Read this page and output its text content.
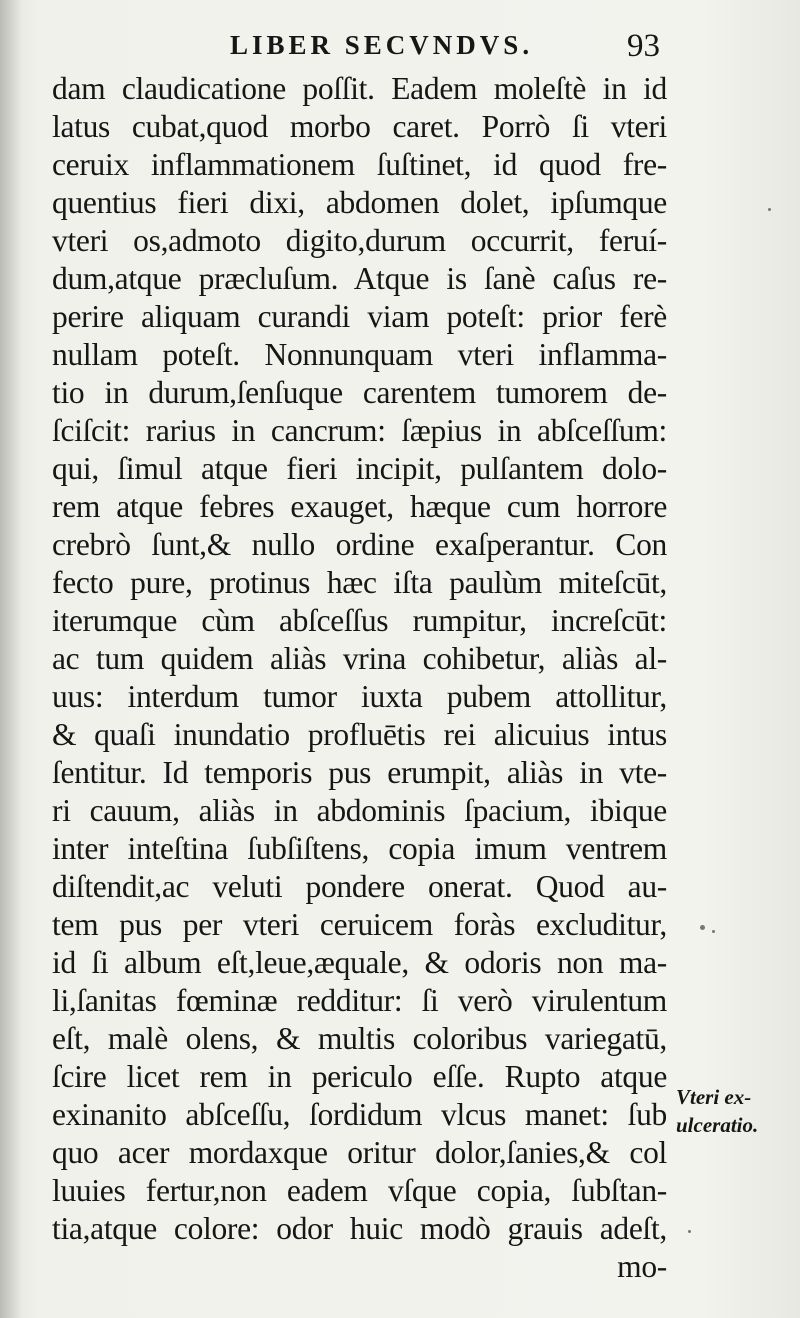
LIBER SECVNDVS.	93
dam claudicatione poſſit. Eadem moleſtè in id
latus cubat,quod morbo caret. Porrò ſi vteri
ceruix inflammationem ſuſtinet, id quod fre-
quentius fieri dixi, abdomen dolet, ipſumque
vteri os,admoto digito,durum occurrit, feruí-
dum,atque præcluſum. Atque is ſanè caſus re-
perire aliquam curandi viam poteſt: prior ferè
nullam poteſt. Nonnunquam vteri inflamma-
tio in durum,ſenſuque carentem tumorem de-
ſciſcit: rarius in cancrum: ſæpius in abſceſſum:
qui, ſimul atque fieri incipit, pulſantem dolo-
rem atque febres exauget, hæque cum horrore
crebrò ſunt,& nullo ordine exaſperantur. Con
fecto pure, protinus hæc iſta paulùm miteſcūt,
iterumque cùm abſceſſus rumpitur, increſcūt:
ac tum quidem aliàs vrina cohibetur, aliàs al-
uus: interdum tumor iuxta pubem attollitur,
& quaſi inundatio profluētis rei alicuius intus
ſentitur. Id temporis pus erumpit, aliàs in vte-
ri cauum, aliàs in abdominis ſpacium, ibique
inter inteſtina ſubſiſtens, copia imum ventrem
diſtendit,ac veluti pondere onerat. Quod au-
tem pus per vteri ceruicem foràs excluditur,
id ſi album eſt,leue,æquale, & odoris non ma-
li,ſanitas fœminæ redditur: ſi verò virulentum
eſt, malè olens, & multis coloribus variegatū,
ſcire licet rem in periculo eſſe. Rupto atque
exinanito abſceſſu, ſordidum vlcus manet: ſub
quo acer mordaxque oritur dolor,ſanies,& col
luuies fertur,non eadem vſque copia, ſubſtan-
tia,atque colore: odor huic modò grauis adeſt,
mo-
Vteri ex-
ulceratio.
